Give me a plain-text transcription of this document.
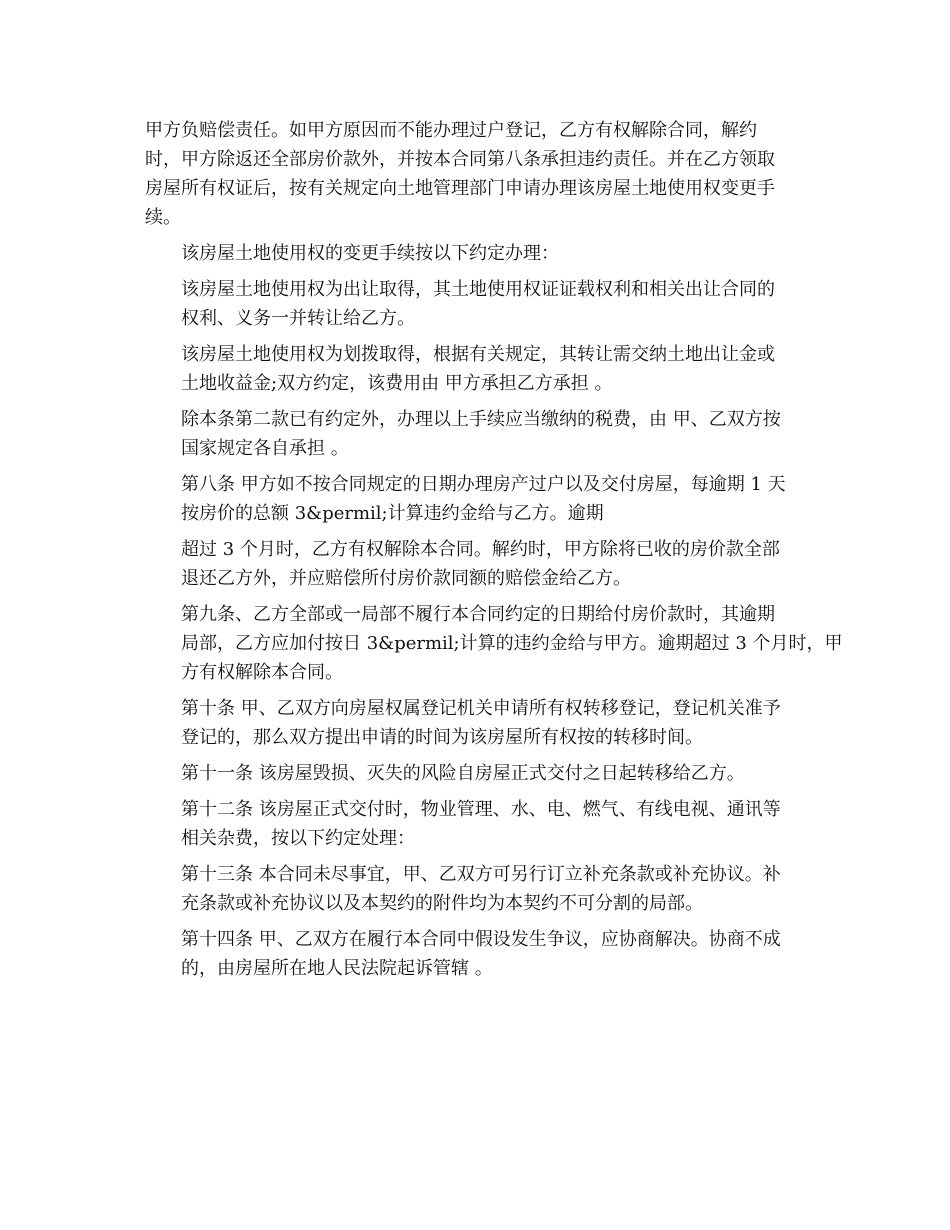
甲方负赔偿责任。如甲方原因而不能办理过户登记，乙方有权解除合同，解约
时，甲方除返还全部房价款外，并按本合同第八条承担违约责任。并在乙方领取
房屋所有权证后，按有关规定向土地管理部门申请办理该房屋土地使用权变更手
续。
该房屋土地使用权的变更手续按以下约定办理：
该房屋土地使用权为出让取得，其土地使用权证证载权利和相关出让合同的
权利、义务一并转让给乙方。
该房屋土地使用权为划拨取得，根据有关规定，其转让需交纳土地出让金或
土地收益金;双方约定，该费用由 甲方承担乙方承担 。
除本条第二款已有约定外，办理以上手续应当缴纳的税费，由 甲、乙双方按
国家规定各自承担 。
第八条 甲方如不按合同规定的日期办理房产过户以及交付房屋，每逾期 1 天
按房价的总额 3&permil;计算违约金给与乙方。逾期
超过 3 个月时，乙方有权解除本合同。解约时，甲方除将已收的房价款全部
退还乙方外，并应赔偿所付房价款同额的赔偿金给乙方。
第九条、乙方全部或一局部不履行本合同约定的日期给付房价款时，其逾期
局部，乙方应加付按日 3&permil;计算的违约金给与甲方。逾期超过 3 个月时，甲
方有权解除本合同。
第十条 甲、乙双方向房屋权属登记机关申请所有权转移登记，登记机关准予
登记的，那么双方提出申请的时间为该房屋所有权按的转移时间。
第十一条 该房屋毁损、灭失的风险自房屋正式交付之日起转移给乙方。
第十二条 该房屋正式交付时，物业管理、水、电、燃气、有线电视、通讯等
相关杂费，按以下约定处理：
第十三条 本合同未尽事宜，甲、乙双方可另行订立补充条款或补充协议。补
充条款或补充协议以及本契约的附件均为本契约不可分割的局部。
第十四条 甲、乙双方在履行本合同中假设发生争议，应协商解决。协商不成
的，由房屋所在地人民法院起诉管辖 。
